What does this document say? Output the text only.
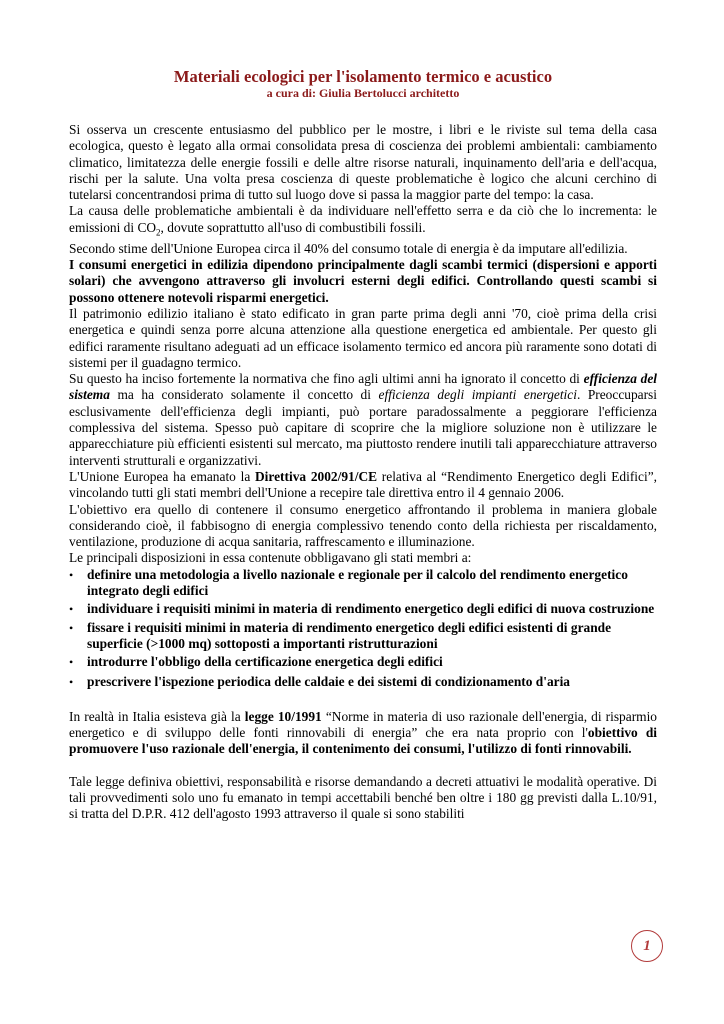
Materiali ecologici per l'isolamento termico e acustico
a cura di: Giulia Bertolucci architetto

Si osserva un crescente entusiasmo del pubblico per le mostre, i libri e le riviste sul tema della casa ecologica, questo è legato alla ormai consolidata presa di coscienza dei problemi ambientali: cambiamento climatico, limitatezza delle energie fossili e delle altre risorse naturali, inquinamento dell'aria e dell'acqua, rischi per la salute. Una volta presa coscienza di queste problematiche è logico che alcuni cerchino di tutelarsi concentrandosi prima di tutto sul luogo dove si passa la maggior parte del tempo: la casa.

La causa delle problematiche ambientali è da individuare nell'effetto serra e da ciò che lo incrementa: le emissioni di $CO_2$, dovute soprattutto all'uso di combustibili fossili.

Secondo stime dell'Unione Europea circa il 40% del consumo totale di energia è da imputare all'edilizia.

I consumi energetici in edilizia dipendono principalmente dagli scambi termici (dispersioni e apporti solari) che avvengono attraverso gli involucri esterni degli edifici. Controllando questi scambi si possono ottenere notevoli risparmi energetici.

Il patrimonio edilizio italiano è stato edificato in gran parte prima degli anni '70, cioè prima della crisi energetica e quindi senza porre alcuna attenzione alla questione energetica ed ambientale. Per questo gli edifici raramente risultano adeguati ad un efficace isolamento termico ed ancora più raramente sono dotati di sistemi per il guadagno termico.

Su questo ha inciso fortemente la normativa che fino agli ultimi anni ha ignorato il concetto di efficienza del sistema ma ha considerato solamente il concetto di efficienza degli impianti energetici. Preoccuparsi esclusivamente dell'efficienza degli impianti, può portare paradossalmente a peggiorare l'efficienza complessiva del sistema. Spesso può capitare di scoprire che la migliore soluzione non è utilizzare le apparecchiature più efficienti esistenti sul mercato, ma piuttosto rendere inutili tali apparecchiature attraverso interventi strutturali e organizzativi.

L'Unione Europea ha emanato la Direttiva 2002/91/CE relativa al “Rendimento Energetico degli Edifici”, vincolando tutti gli stati membri dell'Unione a recepire tale direttiva entro il 4 gennaio 2006.

L'obiettivo era quello di contenere il consumo energetico affrontando il problema in maniera globale considerando cioè, il fabbisogno di energia complessivo tenendo conto della richiesta per riscaldamento, ventilazione, produzione di acqua sanitaria, raffrescamento e illuminazione.

Le principali disposizioni in essa contenute obbligavano gli stati membri a:

• definire una metodologia a livello nazionale e regionale per il calcolo del rendimento energetico integrato degli edifici
• individuare i requisiti minimi in materia di rendimento energetico degli edifici di nuova costruzione
• fissare i requisiti minimi in materia di rendimento energetico degli edifici esistenti di grande superficie (>1000 mq) sottoposti a importanti ristrutturazioni
• introdurre l'obbligo della certificazione energetica degli edifici
• prescrivere l'ispezione periodica delle caldaie e dei sistemi di condizionamento d'aria

In realtà in Italia esisteva già la legge 10/1991 “Norme in materia di uso razionale dell'energia, di risparmio energetico e di sviluppo delle fonti rinnovabili di energia” che era nata proprio con l'obiettivo di promuovere l'uso razionale dell'energia, il contenimento dei consumi, l'utilizzo di fonti rinnovabili.

Tale legge definiva obiettivi, responsabilità e risorse demandando a decreti attuativi le modalità operative. Di tali provvedimenti solo uno fu emanato in tempi accettabili benché ben oltre i 180 gg previsti dalla L.10/91, si tratta del D.P.R. 412 dell'agosto 1993 attraverso il quale si sono stabiliti

1
